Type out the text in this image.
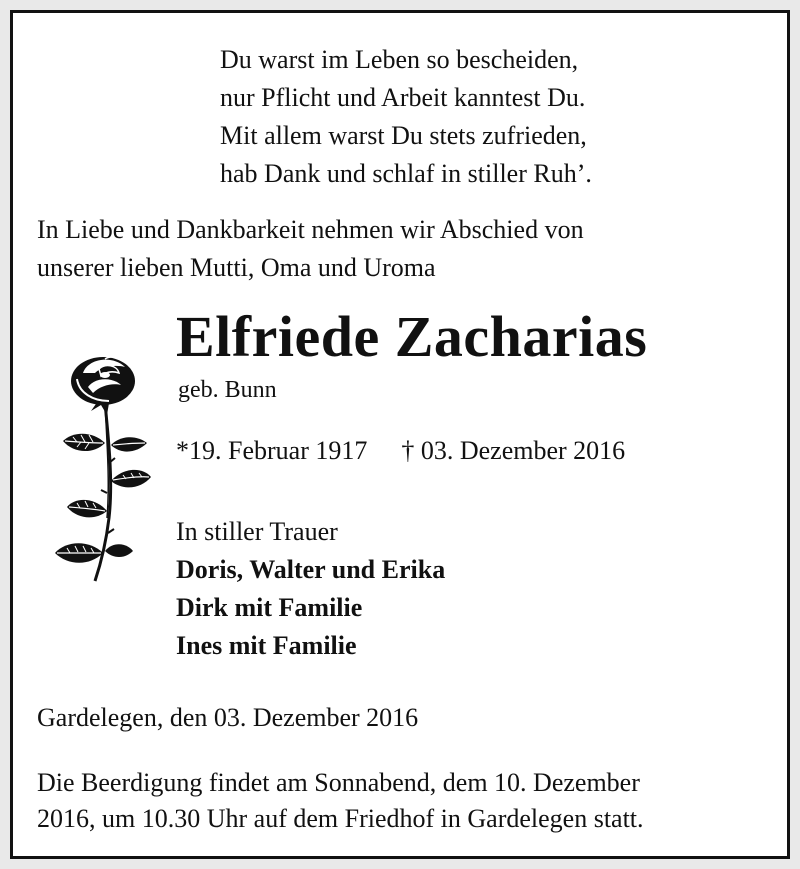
Du warst im Leben so bescheiden,
nur Pflicht und Arbeit kanntest Du.
Mit allem warst Du stets zufrieden,
hab Dank und schlaf in stiller Ruh’.
In Liebe und Dankbarkeit nehmen wir Abschied von
unserer lieben Mutti, Oma und Uroma
Elfriede Zacharias
geb. Bunn
*19. Februar 1917 † 03. Dezember 2016
In stiller Trauer
Doris, Walter und Erika
Dirk mit Familie
Ines mit Familie
Gardelegen, den 03. Dezember 2016
Die Beerdigung findet am Sonnabend, dem 10. Dezember
2016, um 10.30 Uhr auf dem Friedhof in Gardelegen statt.
